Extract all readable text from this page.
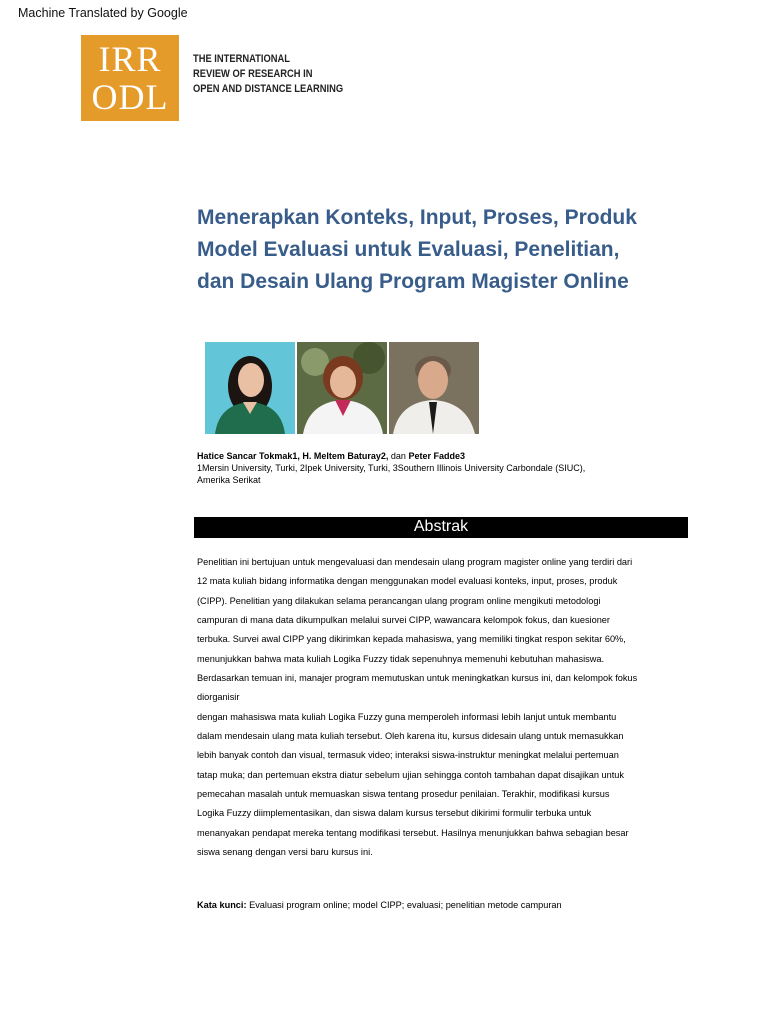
Machine Translated by Google
IRR
ODL
THE INTERNATIONAL
REVIEW OF RESEARCH IN
OPEN AND DISTANCE LEARNING
Menerapkan Konteks, Input, Proses, Produk
Model Evaluasi untuk Evaluasi, Penelitian,
dan Desain Ulang Program Magister Online
Hatice Sancar Tokmak1, H. Meltem Baturay2, dan Peter Fadde3
1Mersin University, Turki, 2Ipek University, Turki, 3Southern Illinois University Carbondale (SIUC),
Amerika Serikat
Abstrak
Penelitian ini bertujuan untuk mengevaluasi dan mendesain ulang program magister online yang terdiri dari
12 mata kuliah bidang informatika dengan menggunakan model evaluasi konteks, input, proses, produk
(CIPP). Penelitian yang dilakukan selama perancangan ulang program online mengikuti metodologi
campuran di mana data dikumpulkan melalui survei CIPP, wawancara kelompok fokus, dan kuesioner
terbuka. Survei awal CIPP yang dikirimkan kepada mahasiswa, yang memiliki tingkat respon sekitar 60%,
menunjukkan bahwa mata kuliah Logika Fuzzy tidak sepenuhnya memenuhi kebutuhan mahasiswa.
Berdasarkan temuan ini, manajer program memutuskan untuk meningkatkan kursus ini, dan kelompok fokus
diorganisir
dengan mahasiswa mata kuliah Logika Fuzzy guna memperoleh informasi lebih lanjut untuk membantu
dalam mendesain ulang mata kuliah tersebut. Oleh karena itu, kursus didesain ulang untuk memasukkan
lebih banyak contoh dan visual, termasuk video; interaksi siswa-instruktur meningkat melalui pertemuan
tatap muka; dan pertemuan ekstra diatur sebelum ujian sehingga contoh tambahan dapat disajikan untuk
pemecahan masalah untuk memuaskan siswa tentang prosedur penilaian. Terakhir, modifikasi kursus
Logika Fuzzy diimplementasikan, dan siswa dalam kursus tersebut dikirimi formulir terbuka untuk
menanyakan pendapat mereka tentang modifikasi tersebut. Hasilnya menunjukkan bahwa sebagian besar
siswa senang dengan versi baru kursus ini.
Kata kunci: Evaluasi program online; model CIPP; evaluasi; penelitian metode campuran
